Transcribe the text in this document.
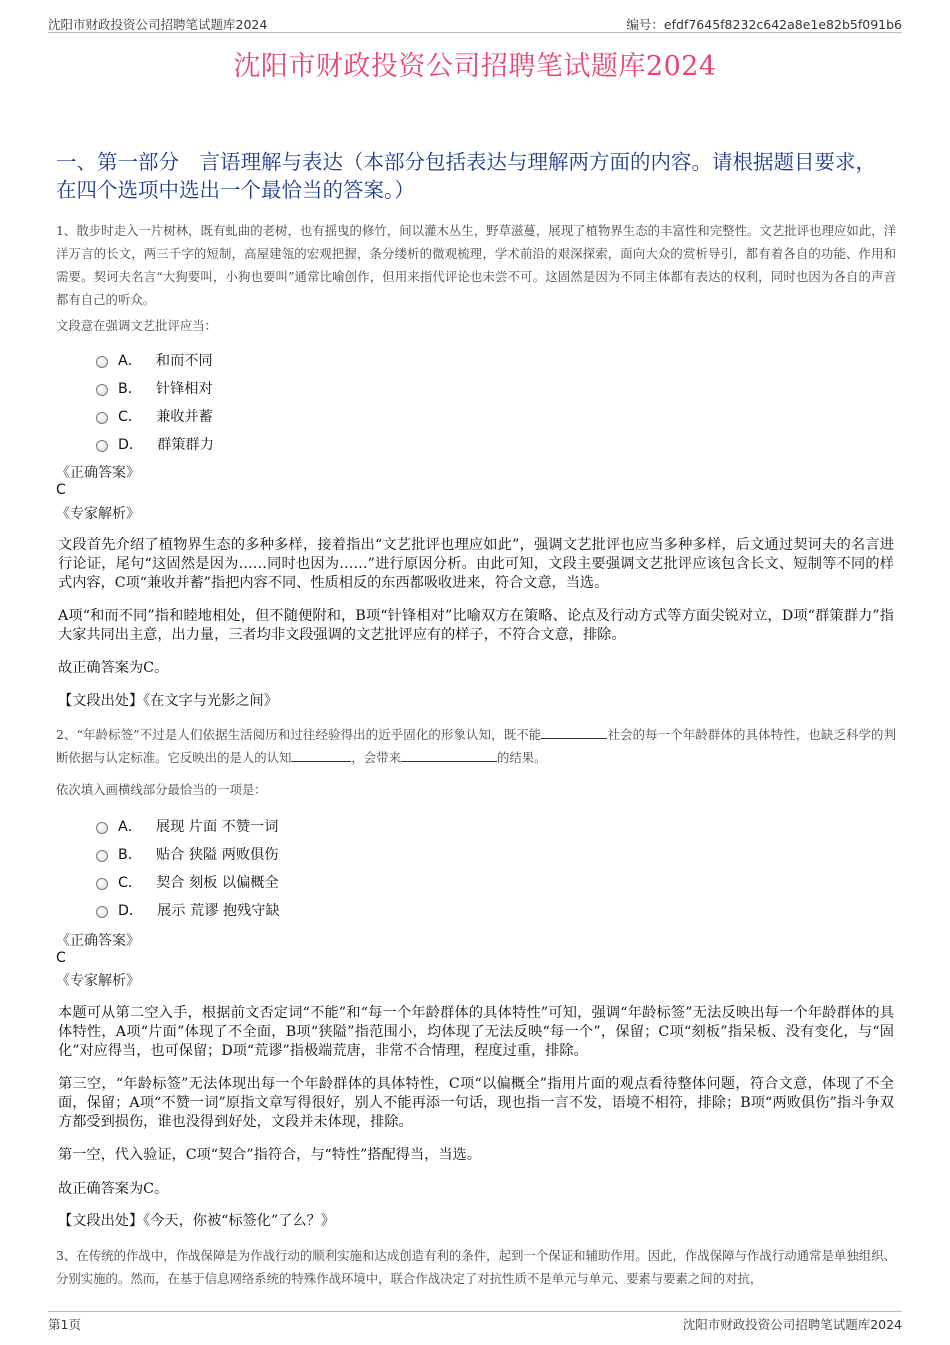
沈阳市财政投资公司招聘笔试题库2024	编号：efdf7645f8232c642a8e1e82b5f091b6
沈阳市财政投资公司招聘笔试题库2024
一、第一部分　言语理解与表达（本部分包括表达与理解两方面的内容。请根据题目要求，在四个选项中选出一个最恰当的答案。）
1、散步时走入一片树林，既有虬曲的老树，也有摇曳的修竹，间以灌木丛生，野草滋蔓，展现了植物界生态的丰富性和完整性。文艺批评也理应如此，洋洋万言的长文，两三千字的短制，高屋建瓴的宏观把握，条分缕析的微观梳理，学术前沿的艰深探索，面向大众的赏析导引，都有着各自的功能、作用和需要。契诃夫名言“大狗要叫，小狗也要叫”通常比喻创作，但用来指代评论也未尝不可。这固然是因为不同主体都有表达的权利，同时也因为各自的声音都有自己的听众。
文段意在强调文艺批评应当：
A． 和而不同
B． 针锋相对
C． 兼收并蓄
D． 群策群力
《正确答案》
C
《专家解析》
文段首先介绍了植物界生态的多种多样，接着指出“文艺批评也理应如此”，强调文艺批评也应当多种多样，后文通过契诃夫的名言进行论证，尾句“这固然是因为……同时也因为……”进行原因分析。由此可知，文段主要强调文艺批评应该包含长文、短制等不同的样式内容，C项“兼收并蓄”指把内容不同、性质相反的东西都吸收进来，符合文意，当选。
A项“和而不同”指和睦地相处，但不随便附和，B项“针锋相对”比喻双方在策略、论点及行动方式等方面尖锐对立，D项“群策群力”指大家共同出主意，出力量，三者均非文段强调的文艺批评应有的样子，不符合文意，排除。
故正确答案为C。
【文段出处】《在文字与光影之间》
2、“年龄标签”不过是人们依据生活阅历和过往经验得出的近乎固化的形象认知，既不能	社会的每一个年龄群体的具体特性，也缺乏科学的判断依据与认定标准。它反映出的是人的认知	，会带来	的结果。
依次填入画横线部分最恰当的一项是：
A． 展现 片面 不赞一词
B． 贴合 狭隘 两败俱伤
C． 契合 刻板 以偏概全
D． 展示 荒谬 抱残守缺
《正确答案》
C
《专家解析》
本题可从第二空入手，根据前文否定词“不能”和“每一个年龄群体的具体特性”可知，强调“年龄标签”无法反映出每一个年龄群体的具体特性，A项“片面”体现了不全面，B项“狭隘”指范围小，均体现了无法反映“每一个”，保留；C项“刻板”指呆板、没有变化，与“固化”对应得当，也可保留；D项“荒谬”指极端荒唐，非常不合情理，程度过重，排除。
第三空，“年龄标签”无法体现出每一个年龄群体的具体特性，C项“以偏概全”指用片面的观点看待整体问题，符合文意，体现了不全面，保留；A项“不赞一词”原指文章写得很好，别人不能再添一句话，现也指一言不发，语境不相符，排除；B项“两败俱伤”指斗争双方都受到损伤，谁也没得到好处，文段并未体现，排除。
第一空，代入验证，C项“契合”指符合，与“特性”搭配得当，当选。
故正确答案为C。
【文段出处】《今天，你被“标签化”了么？》
3、在传统的作战中，作战保障是为作战行动的顺利实施和达成创造有利的条件，起到一个保证和辅助作用。因此，作战保障与作战行动通常是单独组织、分别实施的。然而，在基于信息网络系统的特殊作战环境中，联合作战决定了对抗性质不是单元与单元、要素与要素之间的对抗，
第1页	沈阳市财政投资公司招聘笔试题库2024
